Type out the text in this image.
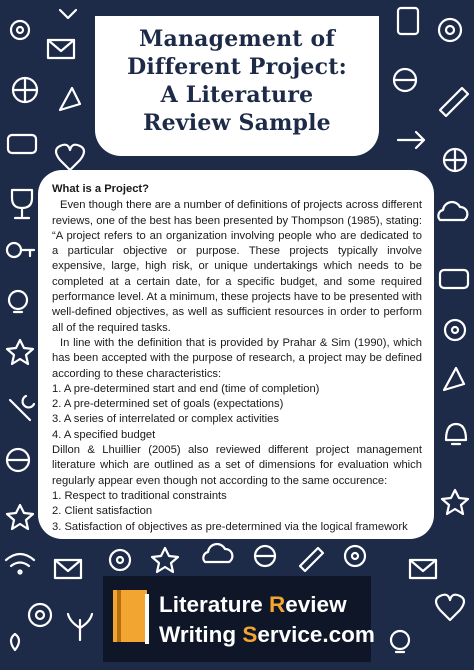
Management of
Different Project:
A Literature
Review Sample
What is a Project?

Even though there are a number of definitions of projects across different reviews, one of the best has been presented by Thompson (1985), stating: “A project refers to an organization involving people who are dedicated to a particular objective or purpose. These projects typically involve expensive, large, high risk, or unique undertakings which needs to be completed at a certain date, for a specific budget, and some required performance level. At a minimum, these projects have to be presented with well-defined objectives, as well as sufficient resources in order to perform all of the required tasks.

In line with the definition that is provided by Prahar & Sim (1990), which has been accepted with the purpose of research, a project may be defined according to these characteristics:

1. A pre-determined start and end (time of completion)

2. A pre-determined set of goals (expectations)

3. A series of interrelated or complex activities

4. A specified budget

Dillon & Lhuillier (2005) also reviewed different project management literature which are outlined as a set of dimensions for evaluation which regularly appear even though not according to the same occurence:

1. Respect to traditional constraints

2. Client satisfaction

3. Satisfaction of objectives as pre-determined via the logical framework

Literature Review
Writing Service.com
